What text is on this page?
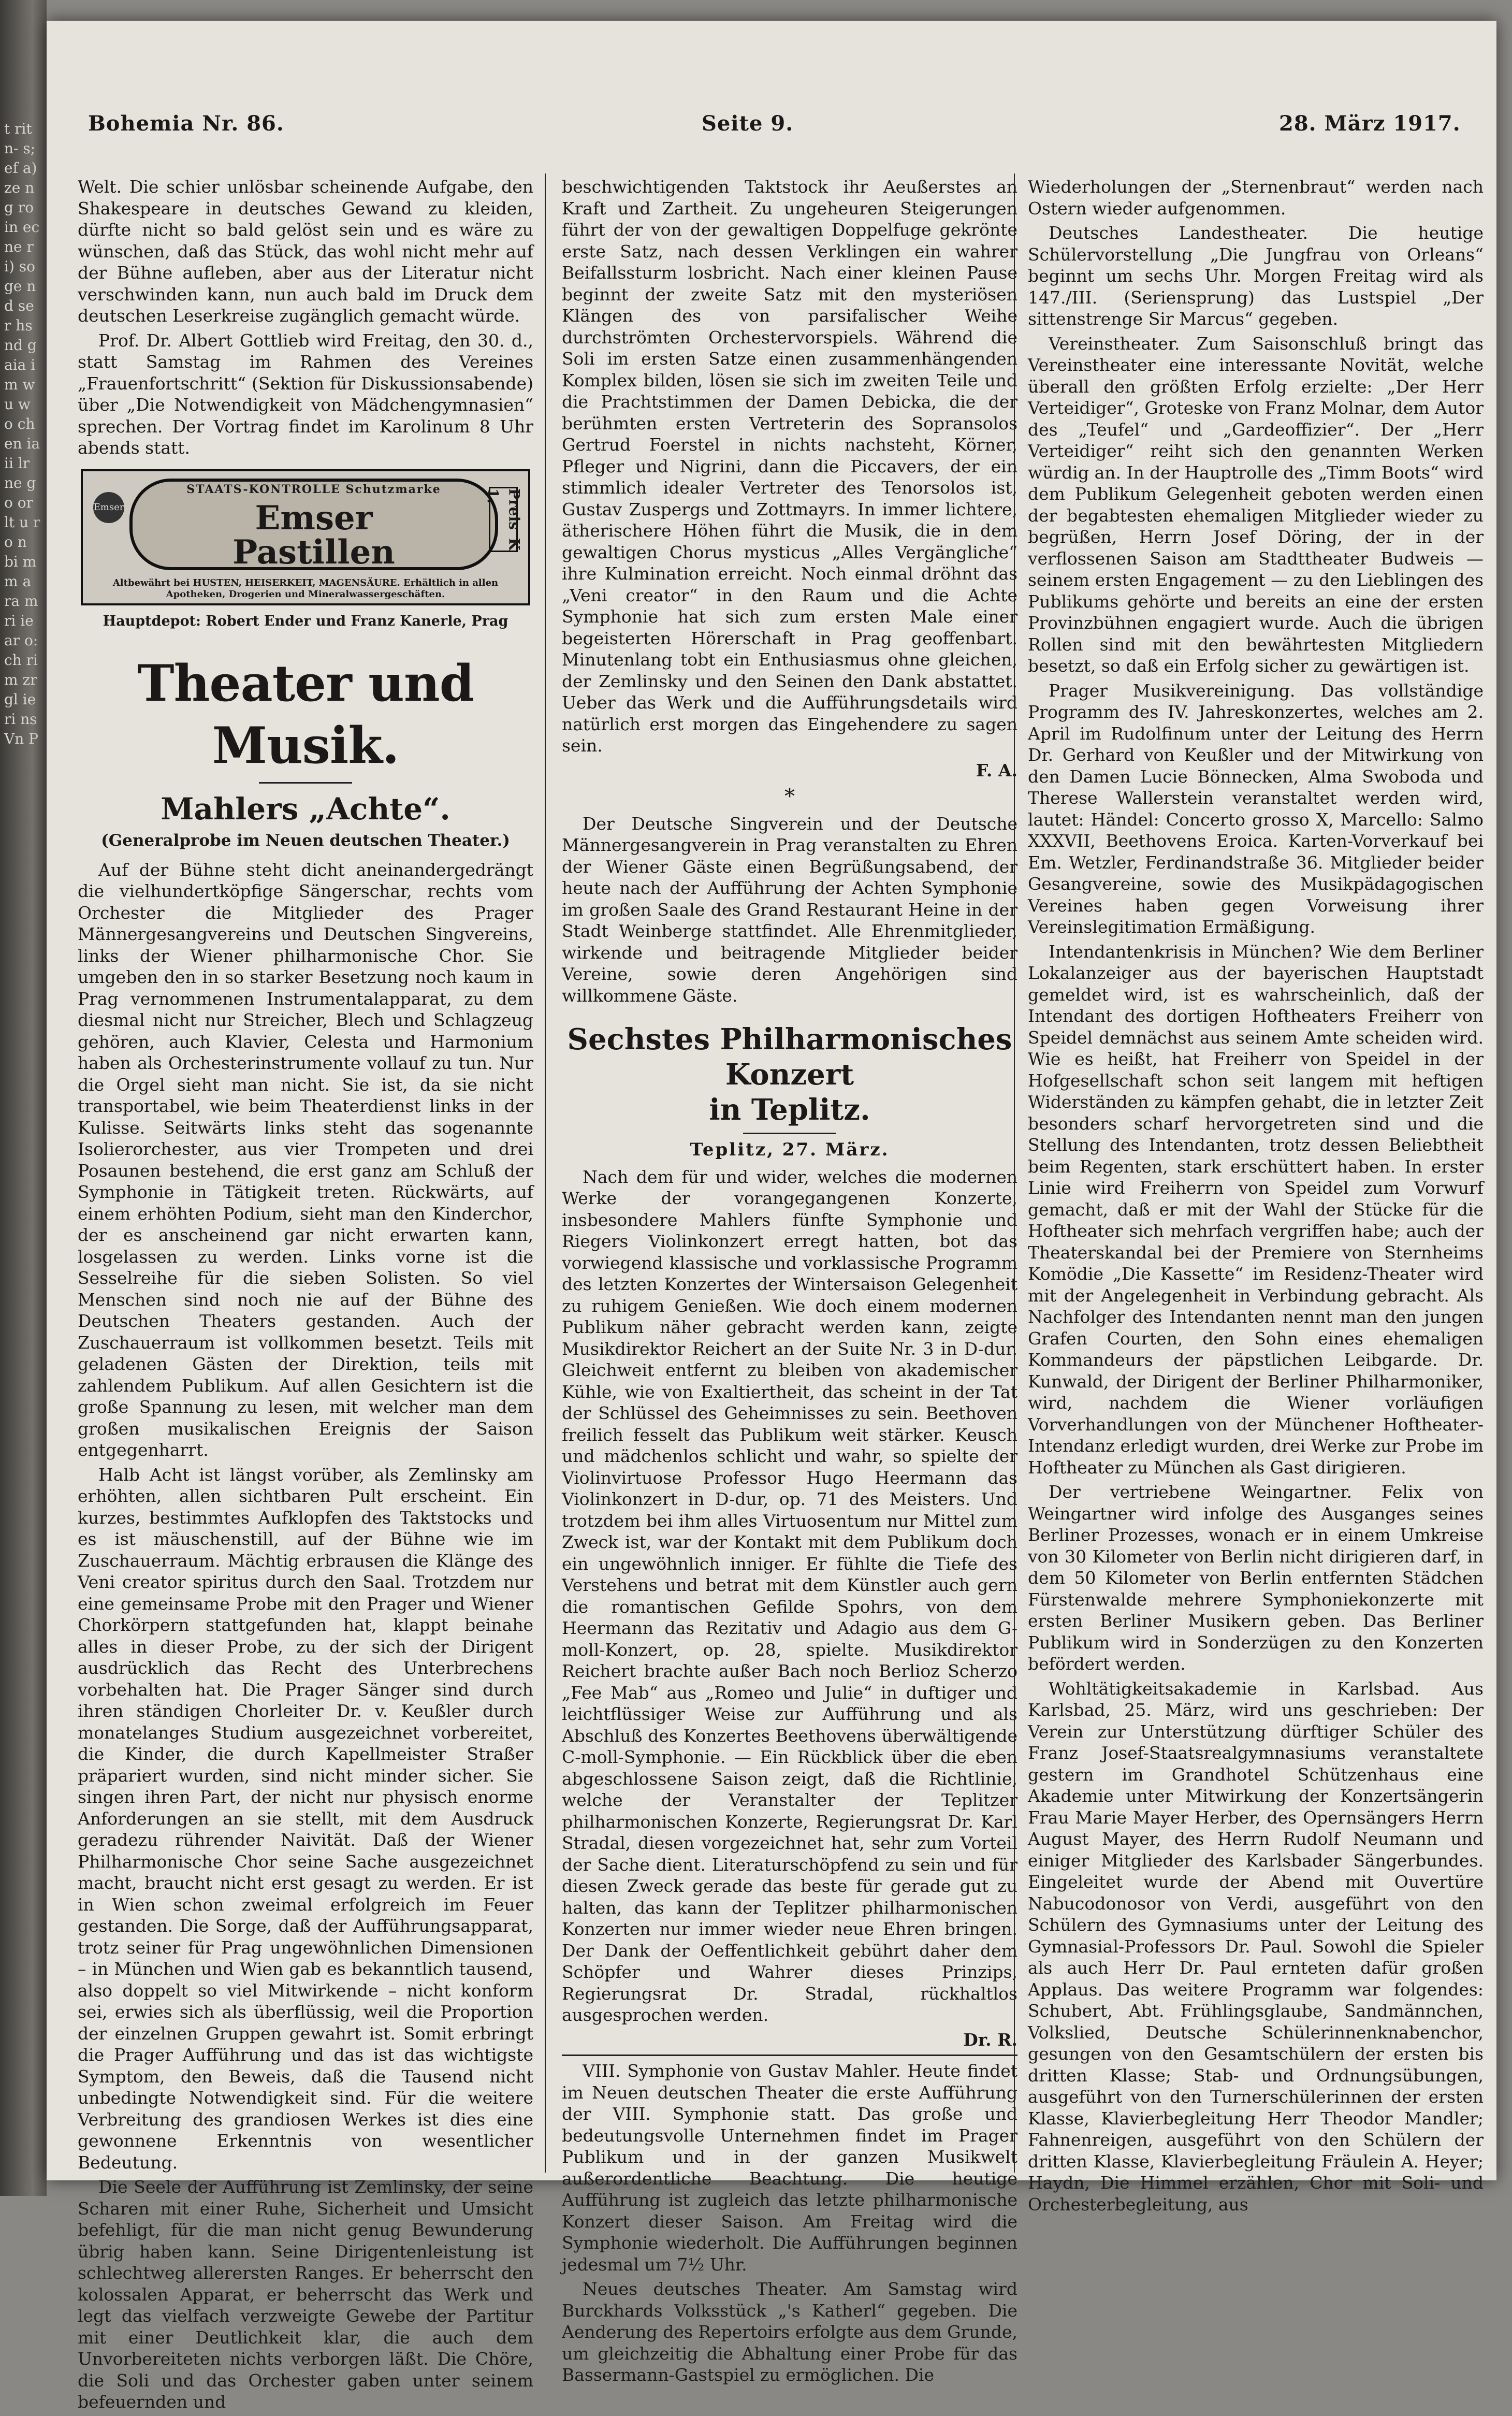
t rit n- s; ef a) ze ng ro in ec ne ri) so ge nd se r hs nd g aia im wu w o ch en ia ii lr ne go or lt u ro n bi m m a ra m ri ie ar o: ch ri m zr gl ie ri ns Vn P
Bohemia Nr. 86.	Seite 9.	28. März 1917.

Welt. Die schier unlösbar scheinende Aufgabe, den Shakespeare in deutsches Gewand zu kleiden, dürfte nicht so bald gelöst sein und es wäre zu wünschen, daß das Stück, das wohl nicht mehr auf der Bühne aufleben, aber aus der Literatur nicht verschwinden kann, nun auch bald im Druck dem deutschen Leserkreise zugänglich gemacht würde.

Prof. Dr. Albert Gottlieb wird Freitag, den 30. d., statt Samstag im Rahmen des Vereines „Frauenfortschritt“ (Sektion für Diskussionsabende) über „Die Notwendigkeit von Mädchengymnasien“ sprechen. Der Vortrag findet im Karolinum 8 Uhr abends statt.

Emser
STAATS-KONTROLLE Schutzmarke
Emser
Pastillen
Preis K 1.
Altbewährt bei HUSTEN, HEISERKEIT, MAGENSÄURE. Erhältlich in allen Apotheken, Drogerien und Mineralwassergeschäften.
Hauptdepot: Robert Ender und Franz Kanerle, Prag
Theater und Musik.
Mahlers „Achte“.
(Generalprobe im Neuen deutschen Theater.)

Auf der Bühne steht dicht aneinandergedrängt die vielhundertköpfige Sängerschar, rechts vom Orchester die Mitglieder des Prager Männergesangvereins und Deutschen Singvereins, links der Wiener philharmonische Chor. Sie umgeben den in so starker Besetzung noch kaum in Prag vernommenen Instrumentalapparat, zu dem diesmal nicht nur Streicher, Blech und Schlagzeug gehören, auch Klavier, Celesta und Harmonium haben als Orchesterinstrumente vollauf zu tun. Nur die Orgel sieht man nicht. Sie ist, da sie nicht transportabel, wie beim Theaterdienst links in der Kulisse. Seitwärts links steht das sogenannte Isolierorchester, aus vier Trompeten und drei Posaunen bestehend, die erst ganz am Schluß der Symphonie in Tätigkeit treten. Rückwärts, auf einem erhöhten Podium, sieht man den Kinderchor, der es anscheinend gar nicht erwarten kann, losgelassen zu werden. Links vorne ist die Sesselreihe für die sieben Solisten. So viel Menschen sind noch nie auf der Bühne des Deutschen Theaters gestanden. Auch der Zuschauerraum ist vollkommen besetzt. Teils mit geladenen Gästen der Direktion, teils mit zahlendem Publikum. Auf allen Gesichtern ist die große Spannung zu lesen, mit welcher man dem großen musikalischen Ereignis der Saison entgegenharrt.

Halb Acht ist längst vorüber, als Zemlinsky am erhöhten, allen sichtbaren Pult erscheint. Ein kurzes, bestimmtes Aufklopfen des Taktstocks und es ist mäuschenstill, auf der Bühne wie im Zuschauerraum. Mächtig erbrausen die Klänge des Veni creator spiritus durch den Saal. Trotzdem nur eine gemeinsame Probe mit den Prager und Wiener Chorkörpern stattgefunden hat, klappt beinahe alles in dieser Probe, zu der sich der Dirigent ausdrücklich das Recht des Unterbrechens vorbehalten hat. Die Prager Sänger sind durch ihren ständigen Chorleiter Dr. v. Keußler durch monatelanges Studium ausgezeichnet vorbereitet, die Kinder, die durch Kapellmeister Straßer präpariert wurden, sind nicht minder sicher. Sie singen ihren Part, der nicht nur physisch enorme Anforderungen an sie stellt, mit dem Ausdruck geradezu rührender Naivität. Daß der Wiener Philharmonische Chor seine Sache ausgezeichnet macht, braucht nicht erst gesagt zu werden. Er ist in Wien schon zweimal erfolgreich im Feuer gestanden. Die Sorge, daß der Aufführungsapparat, trotz seiner für Prag ungewöhnlichen Dimensionen – in München und Wien gab es bekanntlich tausend, also doppelt so viel Mitwirkende – nicht konform sei, erwies sich als überflüssig, weil die Proportion der einzelnen Gruppen gewahrt ist. Somit erbringt die Prager Aufführung und das ist das wichtigste Symptom, den Beweis, daß die Tausend nicht unbedingte Notwendigkeit sind. Für die weitere Verbreitung des grandiosen Werkes ist dies eine gewonnene Erkenntnis von wesentlicher Bedeutung.

Die Seele der Aufführung ist Zemlinsky, der seine Scharen mit einer Ruhe, Sicherheit und Umsicht befehligt, für die man nicht genug Bewunderung übrig haben kann. Seine Dirigentenleistung ist schlechtweg allerersten Ranges. Er beherrscht den kolossalen Apparat, er beherrscht das Werk und legt das vielfach verzweigte Gewebe der Partitur mit einer Deutlichkeit klar, die auch dem Unvorbereiteten nichts verborgen läßt. Die Chöre, die Soli und das Orchester gaben unter seinem befeuernden und

beschwichtigenden Taktstock ihr Aeußerstes an Kraft und Zartheit. Zu ungeheuren Steigerungen führt der von der gewaltigen Doppelfuge gekrönte erste Satz, nach dessen Verklingen ein wahrer Beifallssturm losbricht. Nach einer kleinen Pause beginnt der zweite Satz mit den mysteriösen Klängen des von parsifalischer Weihe durchströmten Orchestervorspiels. Während die Soli im ersten Satze einen zusammenhängenden Komplex bilden, lösen sie sich im zweiten Teile und die Prachtstimmen der Damen Debicka, die der berühmten ersten Vertreterin des Sopransolos Gertrud Foerstel in nichts nachsteht, Körner, Pfleger und Nigrini, dann die Piccavers, der ein stimmlich idealer Vertreter des Tenorsolos ist, Gustav Zuspergs und Zottmayrs. In immer lichtere, ätherischere Höhen führt die Musik, die in dem gewaltigen Chorus mysticus „Alles Vergängliche“ ihre Kulmination erreicht. Noch einmal dröhnt das „Veni creator“ in den Raum und die Achte Symphonie hat sich zum ersten Male einer begeisterten Hörerschaft in Prag geoffenbart. Minutenlang tobt ein Enthusiasmus ohne gleichen, der Zemlinsky und den Seinen den Dank abstattet. Ueber das Werk und die Aufführungsdetails wird natürlich erst morgen das Eingehendere zu sagen sein.

F. A.

*

Der Deutsche Singverein und der Deutsche Männergesangverein in Prag veranstalten zu Ehren der Wiener Gäste einen Begrüßungsabend, der heute nach der Aufführung der Achten Symphonie im großen Saale des Grand Restaurant Heine in der Stadt Weinberge stattfindet. Alle Ehrenmitglieder, wirkende und beitragende Mitglieder beider Vereine, sowie deren Angehörigen sind willkommene Gäste.

Sechstes Philharmonisches Konzert
in Teplitz.
Teplitz, 27. März.

Nach dem für und wider, welches die modernen Werke der vorangegangenen Konzerte, insbesondere Mahlers fünfte Symphonie und Riegers Violinkonzert erregt hatten, bot das vorwiegend klassische und vorklassische Programm des letzten Konzertes der Wintersaison Gelegenheit zu ruhigem Genießen. Wie doch einem modernen Publikum näher gebracht werden kann, zeigte Musikdirektor Reichert an der Suite Nr. 3 in D-dur. Gleichweit entfernt zu bleiben von akademischer Kühle, wie von Exaltiertheit, das scheint in der Tat der Schlüssel des Geheimnisses zu sein. Beethoven freilich fesselt das Publikum weit stärker. Keusch und mädchenlos schlicht und wahr, so spielte der Violinvirtuose Professor Hugo Heermann das Violinkonzert in D-dur, op. 71 des Meisters. Und trotzdem bei ihm alles Virtuosentum nur Mittel zum Zweck ist, war der Kontakt mit dem Publikum doch ein ungewöhnlich inniger. Er fühlte die Tiefe des Verstehens und betrat mit dem Künstler auch gern die romantischen Gefilde Spohrs, von dem Heermann das Rezitativ und Adagio aus dem G-moll-Konzert, op. 28, spielte. Musikdirektor Reichert brachte außer Bach noch Berlioz Scherzo „Fee Mab“ aus „Romeo und Julie“ in duftiger und leichtflüssiger Weise zur Aufführung und als Abschluß des Konzertes Beethovens überwältigende C-moll-Symphonie. — Ein Rückblick über die eben abgeschlossene Saison zeigt, daß die Richtlinie, welche der Veranstalter der Teplitzer philharmonischen Konzerte, Regierungsrat Dr. Karl Stradal, diesen vorgezeichnet hat, sehr zum Vorteil der Sache dient. Literaturschöpfend zu sein und für diesen Zweck gerade das beste für gerade gut zu halten, das kann der Teplitzer philharmonischen Konzerten nur immer wieder neue Ehren bringen. Der Dank der Oeffentlichkeit gebührt daher dem Schöpfer und Wahrer dieses Prinzips, Regierungsrat Dr. Stradal, rückhaltlos ausgesprochen werden.

Dr. R.

VIII. Symphonie von Gustav Mahler. Heute findet im Neuen deutschen Theater die erste Aufführung der VIII. Symphonie statt. Das große und bedeutungsvolle Unternehmen findet im Prager Publikum und in der ganzen Musikwelt außerordentliche Beachtung. Die heutige Aufführung ist zugleich das letzte philharmonische Konzert dieser Saison. Am Freitag wird die Symphonie wiederholt. Die Aufführungen beginnen jedesmal um 7½ Uhr.

Neues deutsches Theater. Am Samstag wird Burckhards Volksstück „'s Katherl“ gegeben. Die Aenderung des Repertoirs erfolgte aus dem Grunde, um gleichzeitig die Abhaltung einer Probe für das Bassermann-Gastspiel zu ermöglichen. Die

Wiederholungen der „Sternenbraut“ werden nach Ostern wieder aufgenommen.

Deutsches Landestheater. Die heutige Schülervorstellung „Die Jungfrau von Orleans“ beginnt um sechs Uhr. Morgen Freitag wird als 147./III. (Seriensprung) das Lustspiel „Der sittenstrenge Sir Marcus“ gegeben.

Vereinstheater. Zum Saisonschluß bringt das Vereinstheater eine interessante Novität, welche überall den größten Erfolg erzielte: „Der Herr Verteidiger“, Groteske von Franz Molnar, dem Autor des „Teufel“ und „Gardeoffizier“. Der „Herr Verteidiger“ reiht sich den genannten Werken würdig an. In der Hauptrolle des „Timm Boots“ wird dem Publikum Gelegenheit geboten werden einen der begabtesten ehemaligen Mitglieder wieder zu begrüßen, Herrn Josef Döring, der in der verflossenen Saison am Stadttheater Budweis — seinem ersten Engagement — zu den Lieblingen des Publikums gehörte und bereits an eine der ersten Provinzbühnen engagiert wurde. Auch die übrigen Rollen sind mit den bewährtesten Mitgliedern besetzt, so daß ein Erfolg sicher zu gewärtigen ist.

Prager Musikvereinigung. Das vollständige Programm des IV. Jahreskonzertes, welches am 2. April im Rudolfinum unter der Leitung des Herrn Dr. Gerhard von Keußler und der Mitwirkung von den Damen Lucie Bönnecken, Alma Swoboda und Therese Wallerstein veranstaltet werden wird, lautet: Händel: Concerto grosso X, Marcello: Salmo XXXVII, Beethovens Eroica. Karten-Vorverkauf bei Em. Wetzler, Ferdinandstraße 36. Mitglieder beider Gesangvereine, sowie des Musikpädagogischen Vereines haben gegen Vorweisung ihrer Vereinslegitimation Ermäßigung.

Intendantenkrisis in München? Wie dem Berliner Lokalanzeiger aus der bayerischen Hauptstadt gemeldet wird, ist es wahrscheinlich, daß der Intendant des dortigen Hoftheaters Freiherr von Speidel demnächst aus seinem Amte scheiden wird. Wie es heißt, hat Freiherr von Speidel in der Hofgesellschaft schon seit langem mit heftigen Widerständen zu kämpfen gehabt, die in letzter Zeit besonders scharf hervorgetreten sind und die Stellung des Intendanten, trotz dessen Beliebtheit beim Regenten, stark erschüttert haben. In erster Linie wird Freiherrn von Speidel zum Vorwurf gemacht, daß er mit der Wahl der Stücke für die Hoftheater sich mehrfach vergriffen habe; auch der Theaterskandal bei der Premiere von Sternheims Komödie „Die Kassette“ im Residenz-Theater wird mit der Angelegenheit in Verbindung gebracht. Als Nachfolger des Intendanten nennt man den jungen Grafen Courten, den Sohn eines ehemaligen Kommandeurs der päpstlichen Leibgarde. Dr. Kunwald, der Dirigent der Berliner Philharmoniker, wird, nachdem die Wiener vorläufigen Vorverhandlungen von der Münchener Hoftheater-Intendanz erledigt wurden, drei Werke zur Probe im Hoftheater zu München als Gast dirigieren.

Der vertriebene Weingartner. Felix von Weingartner wird infolge des Ausganges seines Berliner Prozesses, wonach er in einem Umkreise von 30 Kilometer von Berlin nicht dirigieren darf, in dem 50 Kilometer von Berlin entfernten Städchen Fürstenwalde mehrere Symphoniekonzerte mit ersten Berliner Musikern geben. Das Berliner Publikum wird in Sonderzügen zu den Konzerten befördert werden.

Wohltätigkeitsakademie in Karlsbad. Aus Karlsbad, 25. März, wird uns geschrieben: Der Verein zur Unterstützung dürftiger Schüler des Franz Josef-Staatsrealgymnasiums veranstaltete gestern im Grandhotel Schützenhaus eine Akademie unter Mitwirkung der Konzertsängerin Frau Marie Mayer Herber, des Opernsängers Herrn August Mayer, des Herrn Rudolf Neumann und einiger Mitglieder des Karlsbader Sängerbundes. Eingeleitet wurde der Abend mit Ouvertüre Nabucodonosor von Verdi, ausgeführt von den Schülern des Gymnasiums unter der Leitung des Gymnasial-Professors Dr. Paul. Sowohl die Spieler als auch Herr Dr. Paul ernteten dafür großen Applaus. Das weitere Programm war folgendes: Schubert, Abt. Frühlingsglaube, Sandmännchen, Volkslied, Deutsche Schülerinnenknabenchor, gesungen von den Gesamtschülern der ersten bis dritten Klasse; Stab- und Ordnungsübungen, ausgeführt von den Turnerschülerinnen der ersten Klasse, Klavierbegleitung Herr Theodor Mandler; Fahnenreigen, ausgeführt von den Schülern der dritten Klasse, Klavierbegleitung Fräulein A. Heyer; Haydn, Die Himmel erzählen, Chor mit Soli- und Orchesterbegleitung, aus
